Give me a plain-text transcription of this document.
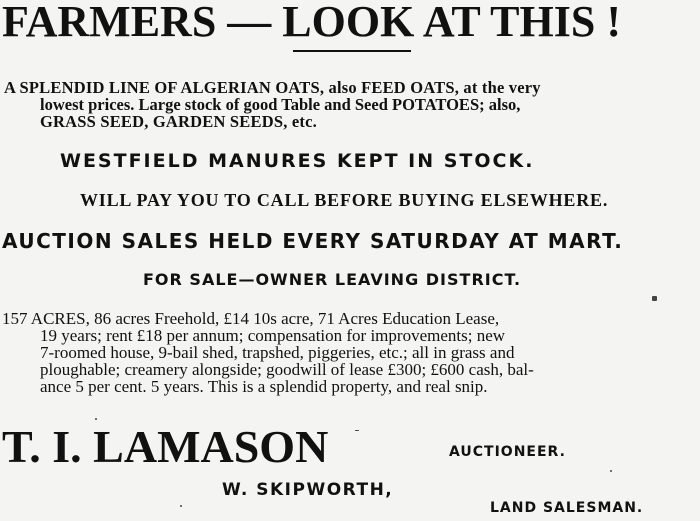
FARMERS — LOOK AT THIS !
A SPLENDID LINE OF ALGERIAN OATS, also FEED OATS, at the very
lowest prices. Large stock of good Table and Seed POTATOES; also,
GRASS SEED, GARDEN SEEDS, etc.
WESTFIELD MANURES KEPT IN STOCK.
WILL PAY YOU TO CALL BEFORE BUYING ELSEWHERE.
AUCTION SALES HELD EVERY SATURDAY AT MART.
FOR SALE—OWNER LEAVING DISTRICT.
157 ACRES, 86 acres Freehold, £14 10s acre, 71 Acres Education Lease,
19 years; rent £18 per annum; compensation for improvements; new
7-roomed house, 9-bail shed, trapshed, piggeries, etc.; all in grass and
ploughable; creamery alongside; goodwill of lease £300; £600 cash, bal-
ance 5 per cent. 5 years. This is a splendid property, and real snip.
T. I. LAMASON	AUCTIONEER.
W. SKIPWORTH,
LAND SALESMAN.
